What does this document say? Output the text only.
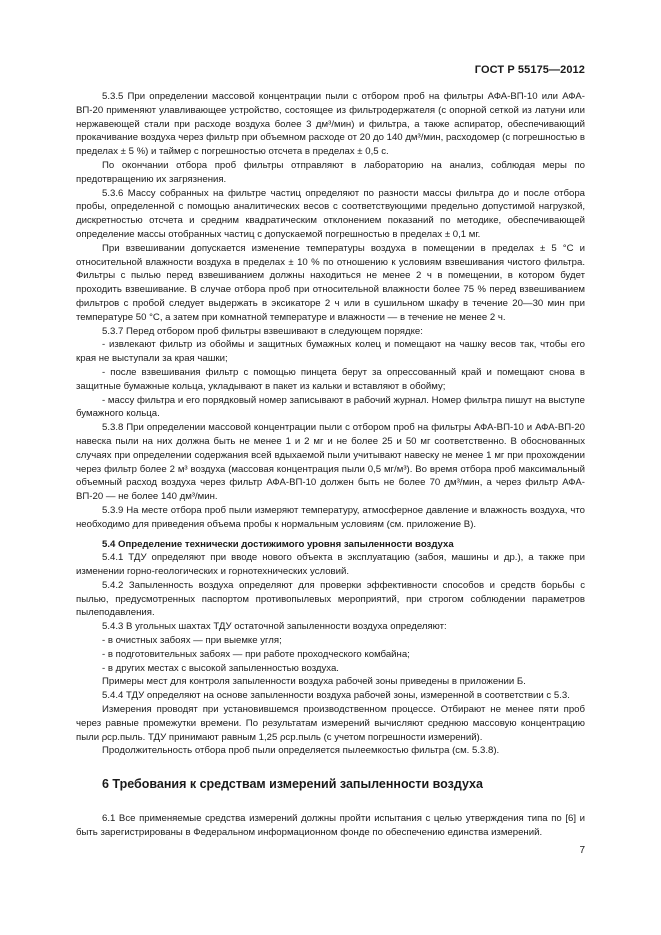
ГОСТ Р 55175—2012

5.3.5 При определении массовой концентрации пыли с отбором проб на фильтры АФА-ВП-10 или АФА-ВП-20 применяют улавливающее устройство, состоящее из фильтродержателя (с опорной сеткой из латуни или нержавеющей стали при расходе воздуха более 3 дм³/мин) и фильтра, а также аспиратор, обеспечивающий прокачивание воздуха через фильтр при объемном расходе от 20 до 140 дм³/мин, расходомер (с погрешностью в пределах ± 5 %) и таймер с погрешностью отсчета в пределах ± 0,5 с.

По окончании отбора проб фильтры отправляют в лабораторию на анализ, соблюдая меры по предотвращению их загрязнения.

5.3.6 Массу собранных на фильтре частиц определяют по разности массы фильтра до и после отбора пробы, определенной с помощью аналитических весов с соответствующими предельно допустимой нагрузкой, дискретностью отсчета и средним квадратическим отклонением показаний по методике, обеспечивающей определение массы отобранных частиц с допускаемой погрешностью в пределах ± 0,1 мг.

При взвешивании допускается изменение температуры воздуха в помещении в пределах ± 5 °С и относительной влажности воздуха в пределах ± 10 % по отношению к условиям взвешивания чистого фильтра. Фильтры с пылью перед взвешиванием должны находиться не менее 2 ч в помещении, в котором будет проходить взвешивание. В случае отбора проб при относительной влажности более 75 % перед взвешиванием фильтров с пробой следует выдержать в эксикаторе 2 ч или в сушильном шкафу в течение 20—30 мин при температуре 50 °С, а затем при комнатной температуре и влажности — в течение не менее 2 ч.

5.3.7 Перед отбором проб фильтры взвешивают в следующем порядке:

- извлекают фильтр из обоймы и защитных бумажных колец и помещают на чашку весов так, чтобы его края не выступали за края чашки;

- после взвешивания фильтр с помощью пинцета берут за опрессованный край и помещают снова в защитные бумажные кольца, укладывают в пакет из кальки и вставляют в обойму;

- массу фильтра и его порядковый номер записывают в рабочий журнал. Номер фильтра пишут на выступе бумажного кольца.

5.3.8 При определении массовой концентрации пыли с отбором проб на фильтры АФА-ВП-10 и АФА-ВП-20 навеска пыли на них должна быть не менее 1 и 2 мг и не более 25 и 50 мг соответственно. В обоснованных случаях при определении содержания всей вдыхаемой пыли учитывают навеску не менее 1 мг при прохождении через фильтр более 2 м³ воздуха (массовая концентрация пыли 0,5 мг/м³). Во время отбора проб максимальный объемный расход воздуха через фильтр АФА-ВП-10 должен быть не более 70 дм³/мин, а через фильтр АФА-ВП-20 — не более 140 дм³/мин.

5.3.9 На месте отбора проб пыли измеряют температуру, атмосферное давление и влажность воздуха, что необходимо для приведения объема пробы к нормальным условиям (см. приложение В).

5.4 Определение технически достижимого уровня запыленности воздуха

5.4.1 ТДУ определяют при вводе нового объекта в эксплуатацию (забоя, машины и др.), а также при изменении горно-геологических и горнотехнических условий.

5.4.2 Запыленность воздуха определяют для проверки эффективности способов и средств борьбы с пылью, предусмотренных паспортом противопылевых мероприятий, при строгом соблюдении параметров пылеподавления.

5.4.3 В угольных шахтах ТДУ остаточной запыленности воздуха определяют:

- в очистных забоях — при выемке угля;

- в подготовительных забоях — при работе проходческого комбайна;

- в других местах с высокой запыленностью воздуха.

Примеры мест для контроля запыленности воздуха рабочей зоны приведены в приложении Б.

5.4.4 ТДУ определяют на основе запыленности воздуха рабочей зоны, измеренной в соответствии с 5.3.

Измерения проводят при установившемся производственном процессе. Отбирают не менее пяти проб через равные промежутки времени. По результатам измерений вычисляют среднюю массовую концентрацию пыли ρср.пыль. ТДУ принимают равным 1,25 ρср.пыль (с учетом погрешности измерений).

Продолжительность отбора проб пыли определяется пылеемкостью фильтра (см. 5.3.8).

6 Требования к средствам измерений запыленности воздуха

6.1 Все применяемые средства измерений должны пройти испытания с целью утверждения типа по [6] и быть зарегистрированы в Федеральном информационном фонде по обеспечению единства измерений.

7
